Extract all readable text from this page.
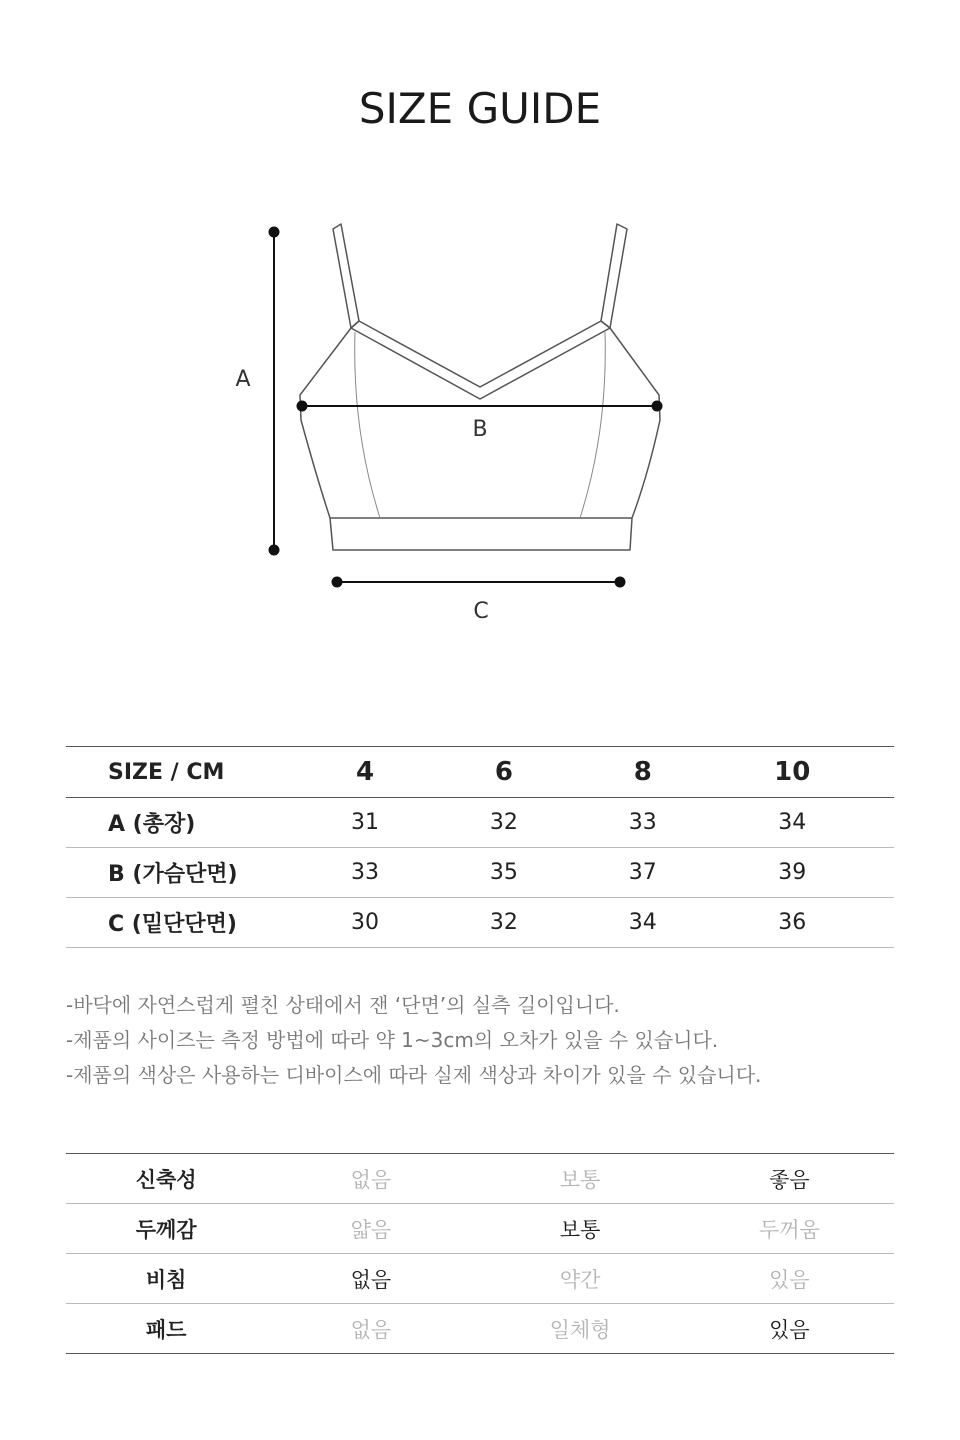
SIZE GUIDE
A
B
C
SIZE / CM	4	6	8	10
A (총장)	31	32	33	34
B (가슴단면)	33	35	37	39
C (밑단단면)	30	32	34	36
-바닥에 자연스럽게 펼친 상태에서 잰 ‘단면’의 실측 길이입니다.
-제품의 사이즈는 측정 방법에 따라 약 1~3cm의 오차가 있을 수 있습니다.
-제품의 색상은 사용하는 디바이스에 따라 실제 색상과 차이가 있을 수 있습니다.
신축성	없음	보통	좋음
두께감	얇음	보통	두꺼움
비침	없음	약간	있음
패드	없음	일체형	있음
